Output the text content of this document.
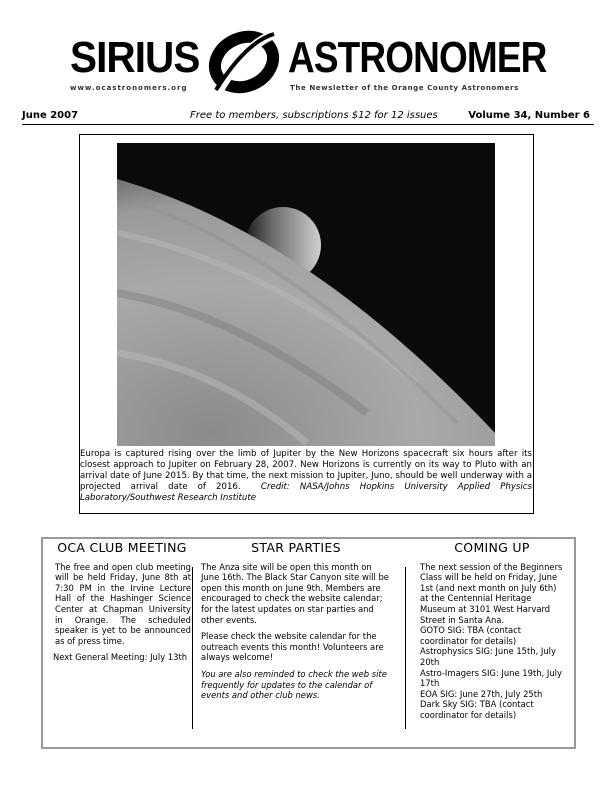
SIRIUS ASTRONOMER
www.ocastronomers.org	The Newsletter of the Orange County Astronomers
June 2007	Free to members, subscriptions $12 for 12 issues	Volume 34, Number 6
Europa is captured rising over the limb of Jupiter by the New Horizons spacecraft six hours after its closest approach to Jupiter on February 28, 2007. New Horizons is currently on its way to Pluto with an arrival date of June 2015. By that time, the next mission to Jupiter, Juno, should be well underway with a projected arrival date of 2016. Credit: NASA/Johns Hopkins University Applied Physics Laboratory/Southwest Research Institute
OCA CLUB MEETING

The free and open club meeting will be held Friday, June 8th at 7:30 PM in the Irvine Lecture Hall of the Hashinger Science Center at Chapman University in Orange. The scheduled speaker is yet to be announced as of press time.

Next General Meeting: July 13th

STAR PARTIES

The Anza site will be open this month on June 16th. The Black Star Canyon site will be open this month on June 9th. Members are encouraged to check the website calendar; for the latest updates on star parties and other events.

Please check the website calendar for the outreach events this month! Volunteers are always welcome!

You are also reminded to check the web site frequently for updates to the calendar of events and other club news.

COMING UP
The next session of the Beginners Class will be held on Friday, June 1st (and next month on July 6th) at the Centennial Heritage Museum at 3101 West Harvard Street in Santa Ana.
GOTO SIG: TBA (contact coordinator for details)
Astrophysics SIG: June 15th, July 20th
Astro-Imagers SIG: June 19th, July 17th
EOA SIG: June 27th, July 25th
Dark Sky SIG: TBA (contact coordinator for details)
